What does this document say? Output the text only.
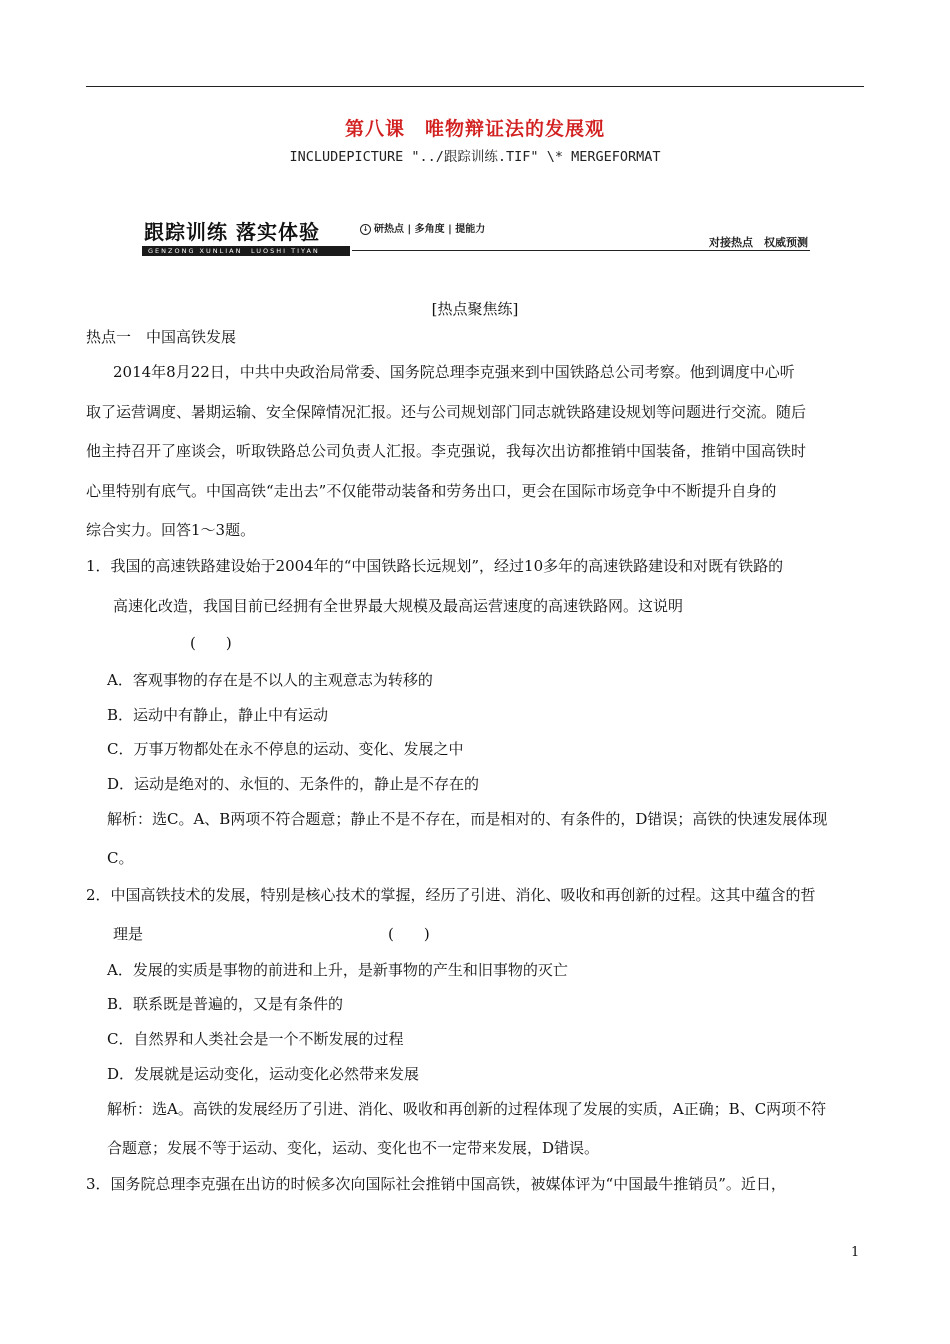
第八课　唯物辩证法的发展观
INCLUDEPICTURE "../跟踪训练.TIF" \* MERGEFORMAT
跟踪训练 落实体验
GENZONG XUNLIAN　LUOSHI TIYAN
↓ 研热点 | 多角度 | 提能力
对接热点　权威预测
[热点聚焦练]
热点一　中国高铁发展
2014年8月22日，中共中央政治局常委、国务院总理李克强来到中国铁路总公司考察。他到调度中心听
取了运营调度、暑期运输、安全保障情况汇报。还与公司规划部门同志就铁路建设规划等问题进行交流。随后
他主持召开了座谈会，听取铁路总公司负责人汇报。李克强说，我每次出访都推销中国装备，推销中国高铁时
心里特别有底气。中国高铁“走出去”不仅能带动装备和劳务出口，更会在国际市场竞争中不断提升自身的
综合实力。回答1～3题。
1．我国的高速铁路建设始于2004年的“中国铁路长远规划”，经过10多年的高速铁路建设和对既有铁路的
高速化改造，我国目前已经拥有全世界最大规模及最高运营速度的高速铁路网。这说明
(　　)
A．客观事物的存在是不以人的主观意志为转移的
B．运动中有静止，静止中有运动
C．万事万物都处在永不停息的运动、变化、发展之中
D．运动是绝对的、永恒的、无条件的，静止是不存在的
解析：选C。A、B两项不符合题意；静止不是不存在，而是相对的、有条件的，D错误；高铁的快速发展体现
C。
2．中国高铁技术的发展，特别是核心技术的掌握，经历了引进、消化、吸收和再创新的过程。这其中蕴含的哲
理是	(　　)
A．发展的实质是事物的前进和上升，是新事物的产生和旧事物的灭亡
B．联系既是普遍的，又是有条件的
C．自然界和人类社会是一个不断发展的过程
D．发展就是运动变化，运动变化必然带来发展
解析：选A。高铁的发展经历了引进、消化、吸收和再创新的过程体现了发展的实质，A正确；B、C两项不符
合题意；发展不等于运动、变化，运动、变化也不一定带来发展，D错误。
3．国务院总理李克强在出访的时候多次向国际社会推销中国高铁，被媒体评为“中国最牛推销员”。近日，
1
